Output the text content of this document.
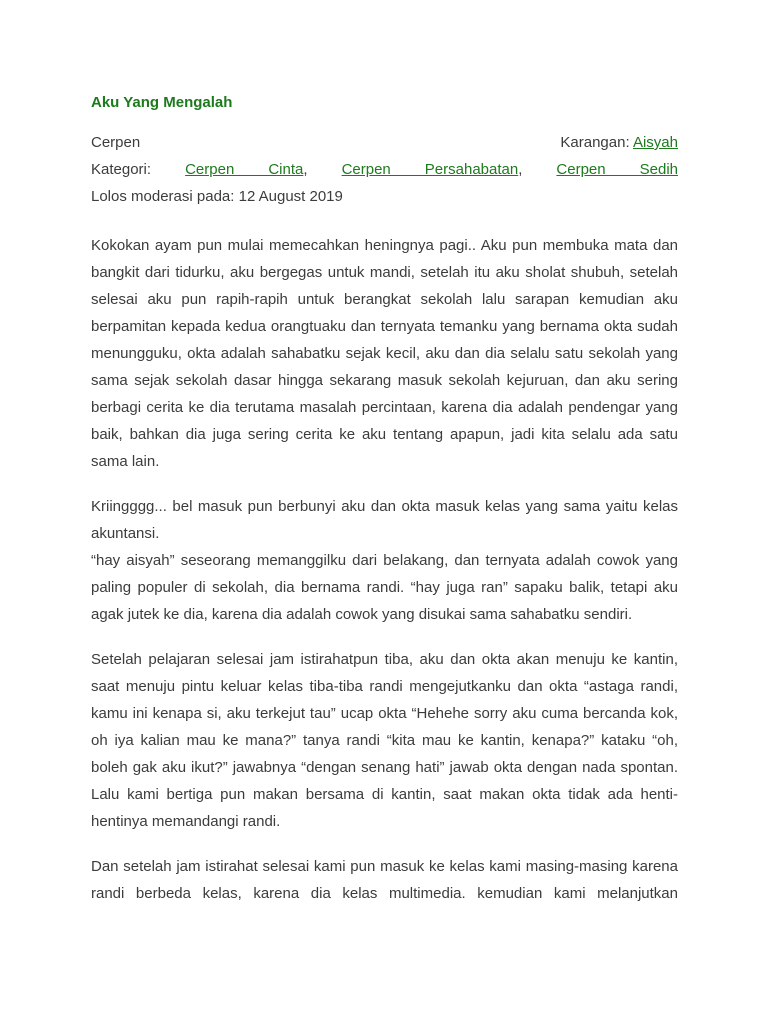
Aku Yang Mengalah
Cerpen	Karangan: Aisyah
Kategori: Cerpen Cinta, Cerpen Persahabatan, Cerpen Sedih
Lolos moderasi pada: 12 August 2019

Kokokan ayam pun mulai memecahkan heningnya pagi.. Aku pun membuka mata dan bangkit dari tidurku, aku bergegas untuk mandi, setelah itu aku sholat shubuh, setelah selesai aku pun rapih-rapih untuk berangkat sekolah lalu sarapan kemudian aku berpamitan kepada kedua orangtuaku dan ternyata temanku yang bernama okta sudah menungguku, okta adalah sahabatku sejak kecil, aku dan dia selalu satu sekolah yang sama sejak sekolah dasar hingga sekarang masuk sekolah kejuruan, dan aku sering berbagi cerita ke dia terutama masalah percintaan, karena dia adalah pendengar yang baik, bahkan dia juga sering cerita ke aku tentang apapun, jadi kita selalu ada satu sama lain.

Kriingggg... bel masuk pun berbunyi aku dan okta masuk kelas yang sama yaitu kelas akuntansi.
“hay aisyah” seseorang memanggilku dari belakang, dan ternyata adalah cowok yang paling populer di sekolah, dia bernama randi. “hay juga ran” sapaku balik, tetapi aku agak jutek ke dia, karena dia adalah cowok yang disukai sama sahabatku sendiri.

Setelah pelajaran selesai jam istirahatpun tiba, aku dan okta akan menuju ke kantin, saat menuju pintu keluar kelas tiba-tiba randi mengejutkanku dan okta “astaga randi, kamu ini kenapa si, aku terkejut tau” ucap okta “Hehehe sorry aku cuma bercanda kok, oh iya kalian mau ke mana?” tanya randi “kita mau ke kantin, kenapa?” kataku “oh, boleh gak aku ikut?” jawabnya “dengan senang hati” jawab okta dengan nada spontan. Lalu kami bertiga pun makan bersama di kantin, saat makan okta tidak ada henti-hentinya memandangi randi.

Dan setelah jam istirahat selesai kami pun masuk ke kelas kami masing-masing karena randi berbeda kelas, karena dia kelas multimedia. kemudian kami melanjutkan
